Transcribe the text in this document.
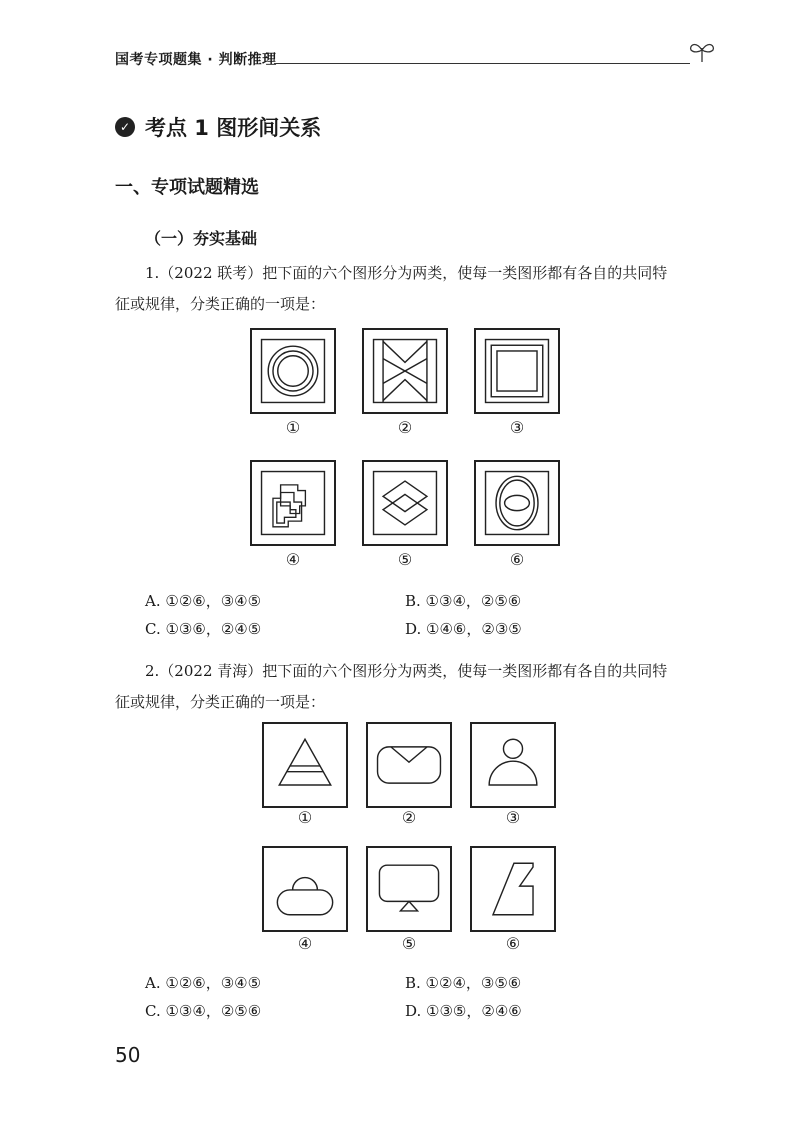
国考专项题集 · 判断推理
✓ 考点 1 图形间关系
一、专项试题精选
（一）夯实基础
1.（2022 联考）把下面的六个图形分为两类，使每一类图形都有各自的共同特
征或规律，分类正确的一项是：
①	②	③
④	⑤	⑥
A. ①②⑥，③④⑤	B. ①③④，②⑤⑥
C. ①③⑥，②④⑤	D. ①④⑥，②③⑤
2.（2022 青海）把下面的六个图形分为两类，使每一类图形都有各自的共同特
征或规律，分类正确的一项是：
①	②	③
④	⑤	⑥
A. ①②⑥，③④⑤	B. ①②④，③⑤⑥
C. ①③④，②⑤⑥	D. ①③⑤，②④⑥
50
